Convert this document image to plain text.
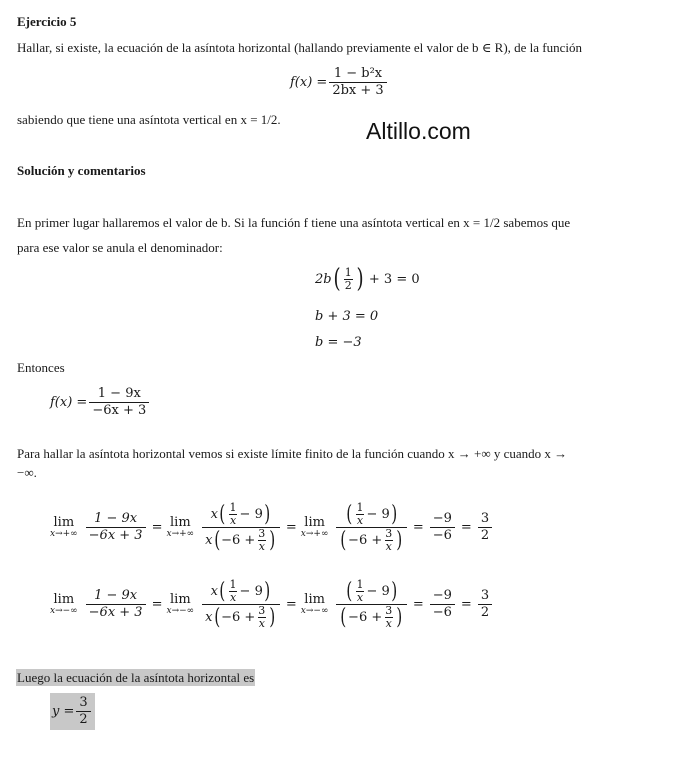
Ejercicio 5
Hallar, si existe, la ecuación de la asíntota horizontal (hallando previamente el valor de b ∈ R), de la función
$f(x) = \frac{\text{1 − b²x}}{2bx + 3}$
sabiendo que tiene una asíntota vertical en x = 1/2.	Altillo.com
Solución y comentarios
En primer lugar hallaremos el valor de b. Si la función f tiene una asíntota vertical en x = 1/2 sabemos que
para ese valor se anula el denominador:
2b ( $\frac{1}{2}$ ) + 3 = 0
b + 3 = 0
b = −3
Entonces
$f(x) = \frac{1 - 9x}{-6x + 3}$
Para hallar la asíntota horizontal vemos si existe límite finito de la función cuando x → +∞ y cuando x →
−∞.
lim
$x\to+\infty \frac{1 - 9x}{-6x + 3} = \lim$
$x\to+\infty \frac{x ( \frac{1}{x} - 9 )}{x ( -6 + \frac{3}{x} )} = \lim$
$x\to+\infty \frac{( \frac{1}{x} - 9 )}{( -6 + \frac{3}{x} )} = \frac{-9}{-6} = \frac{3}{2}$
lim
$x\to-\infty \frac{1 - 9x}{-6x + 3} = \lim$
$x\to-\infty \frac{x ( \frac{1}{x} - 9 )}{x ( -6 + \frac{3}{x} )} = \lim$
$x\to-\infty \frac{( \frac{1}{x} - 9 )}{( -6 + \frac{3}{x} )} = \frac{-9}{-6} = \frac{3}{2}$
Luego la ecuación de la asíntota horizontal es
$y = \frac{3}{2}$
